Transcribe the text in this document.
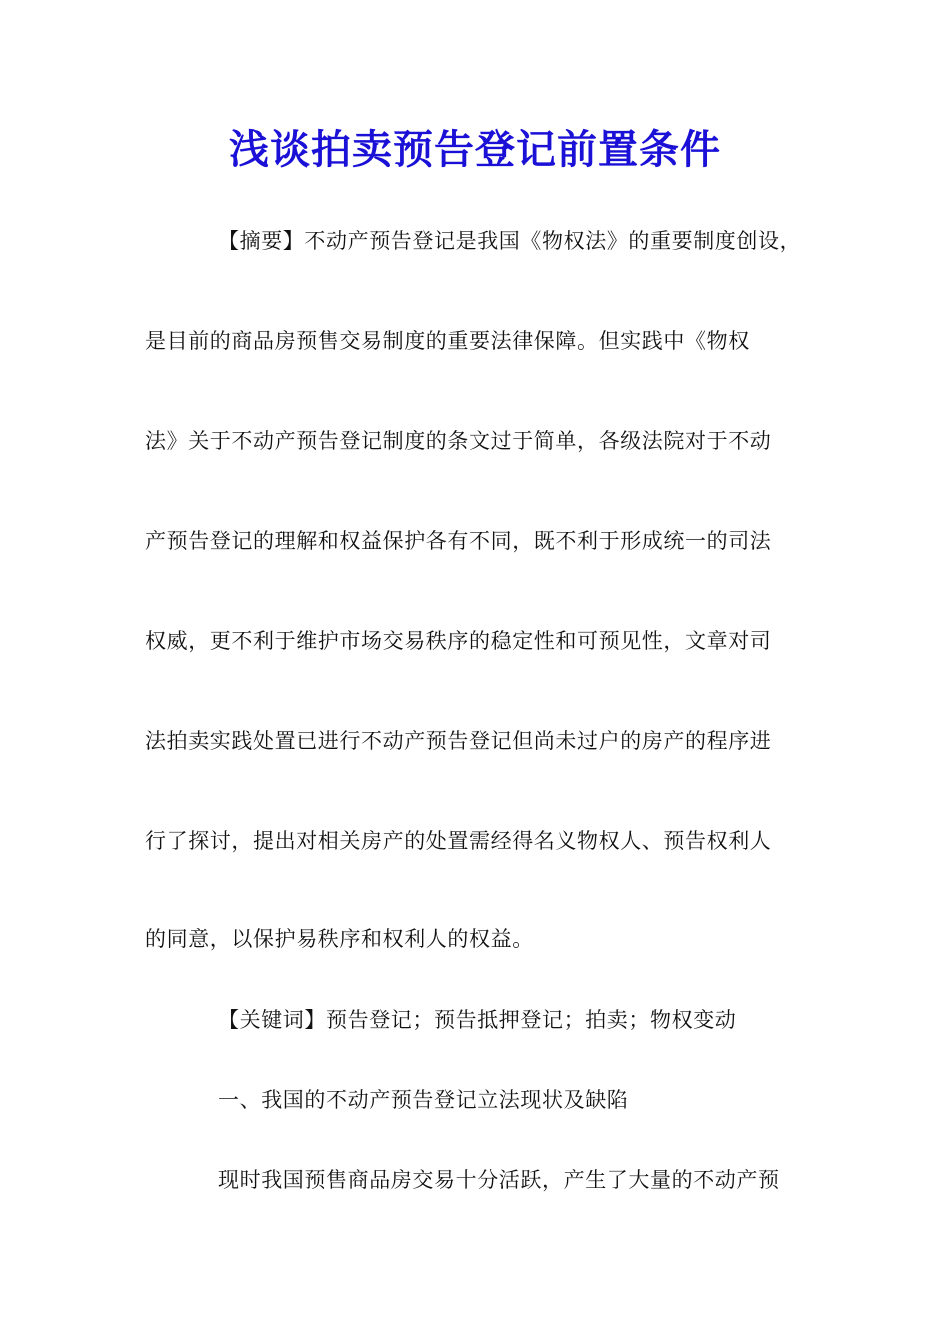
浅谈拍卖预告登记前置条件
【摘要】不动产预告登记是我国《物权法》的重要制度创设，
是目前的商品房预售交易制度的重要法律保障。但实践中《物权
法》关于不动产预告登记制度的条文过于简单，各级法院对于不动
产预告登记的理解和权益保护各有不同，既不利于形成统一的司法
权威，更不利于维护市场交易秩序的稳定性和可预见性，文章对司
法拍卖实践处置已进行不动产预告登记但尚未过户的房产的程序进
行了探讨，提出对相关房产的处置需经得名义物权人、预告权利人
的同意，以保护易秩序和权利人的权益。
【关键词】预告登记；预告抵押登记；拍卖；物权变动
一、我国的不动产预告登记立法现状及缺陷
现时我国预售商品房交易十分活跃，产生了大量的不动产预
